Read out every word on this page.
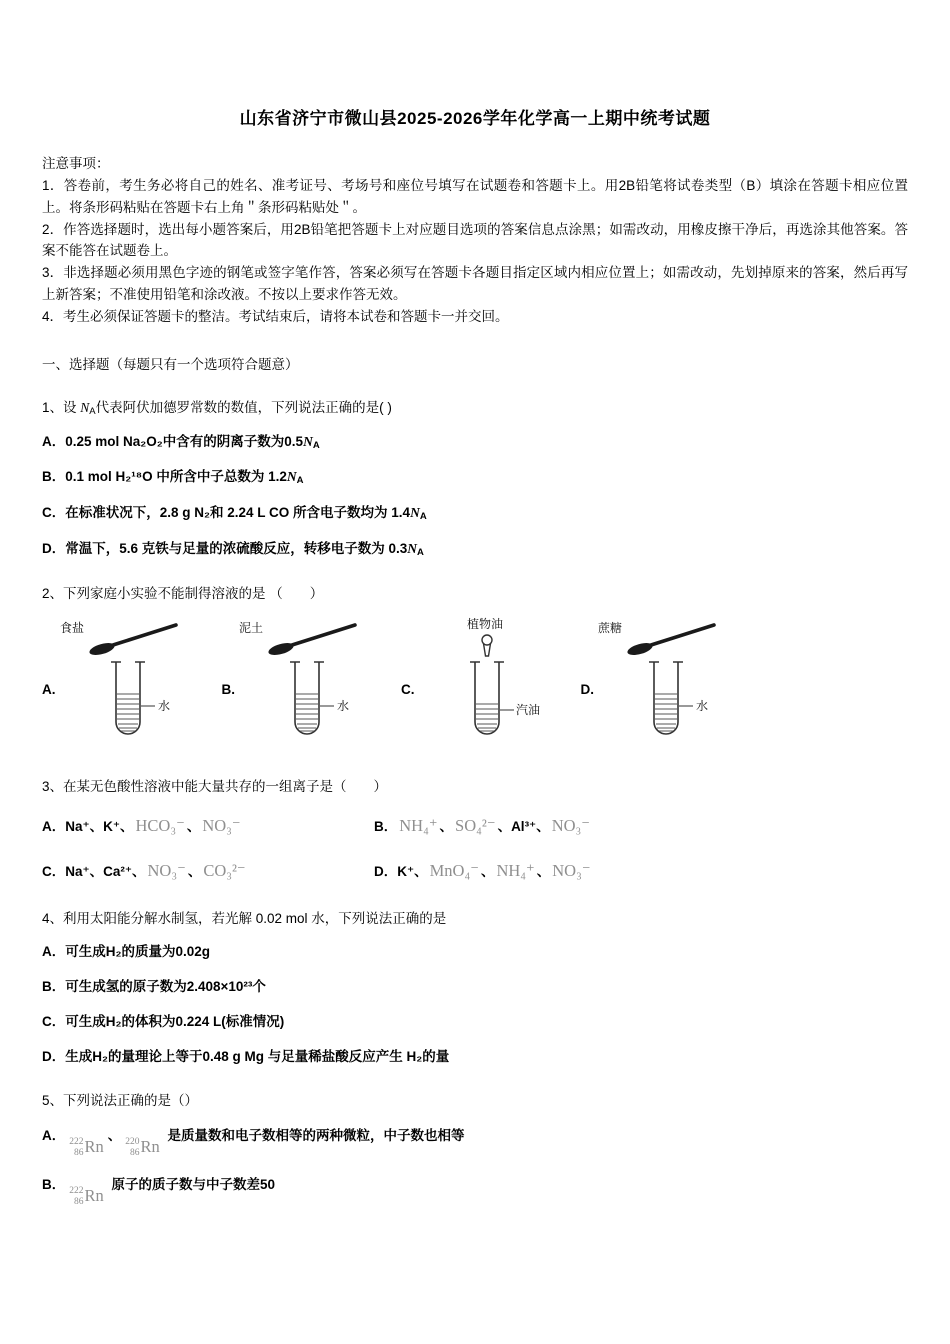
山东省济宁市微山县2025-2026学年化学高一上期中统考试题
注意事项：

1．答卷前，考生务必将自己的姓名、准考证号、考场号和座位号填写在试题卷和答题卡上。用2B铅笔将试卷类型（B）填涂在答题卡相应位置上。将条形码粘贴在答题卡右上角＂条形码粘贴处＂。

2．作答选择题时，选出每小题答案后，用2B铅笔把答题卡上对应题目选项的答案信息点涂黑；如需改动，用橡皮擦干净后，再选涂其他答案。答案不能答在试题卷上。

3．非选择题必须用黑色字迹的钢笔或签字笔作答，答案必须写在答题卡各题目指定区域内相应位置上；如需改动，先划掉原来的答案，然后再写上新答案；不准使用铅笔和涂改液。不按以上要求作答无效。

4．考生必须保证答题卡的整洁。考试结束后，请将本试卷和答题卡一并交回。

一、选择题（每题只有一个选项符合题意）

1、设 NA代表阿伏加德罗常数的数值，下列说法正确的是( )

A．0.25 mol Na₂O₂中含有的阴离子数为0.5NA

B．0.1 mol H₂¹⁸O 中所含中子总数为 1.2NA

C．在标准状况下，2.8 g N₂和 2.24 L CO 所含电子数均为 1.4NA

D．常温下，5.6 克铁与足量的浓硫酸反应，转移电子数为 0.3NA

2、下列家庭小实验不能制得溶液的是 （　　）

A.
食盐
水
B.
泥土
水
C.
植物油
汽油
D.
蔗糖
水

3、在某无色酸性溶液中能大量共存的一组离子是（　　）

A．Na⁺、K⁺、 HCO₃⁻ 、 NO₃⁻	B． NH₄⁺ 、 SO₄²⁻ 、Al³⁺、 NO₃⁻

C．Na⁺、Ca²⁺、 NO₃⁻ 、 CO₃²⁻	D．K⁺、 MnO₄⁻ 、 NH₄⁺ 、 NO₃⁻

4、利用太阳能分解水制氢，若光解 0.02 mol 水，下列说法正确的是

A．可生成H₂的质量为0.02g

B．可生成氢的原子数为2.408×10²³个

C．可生成H₂的体积为0.224 L(标准情况)

D．生成H₂的量理论上等于0.48 g Mg 与足量稀盐酸反应产生 H₂的量

5、下列说法正确的是（）

A． 222
86 Rn
、 220
86 Rn
是质量数和电子数相等的两种微粒，中子数也相等

B． 222
86 Rn
原子的质子数与中子数差50
